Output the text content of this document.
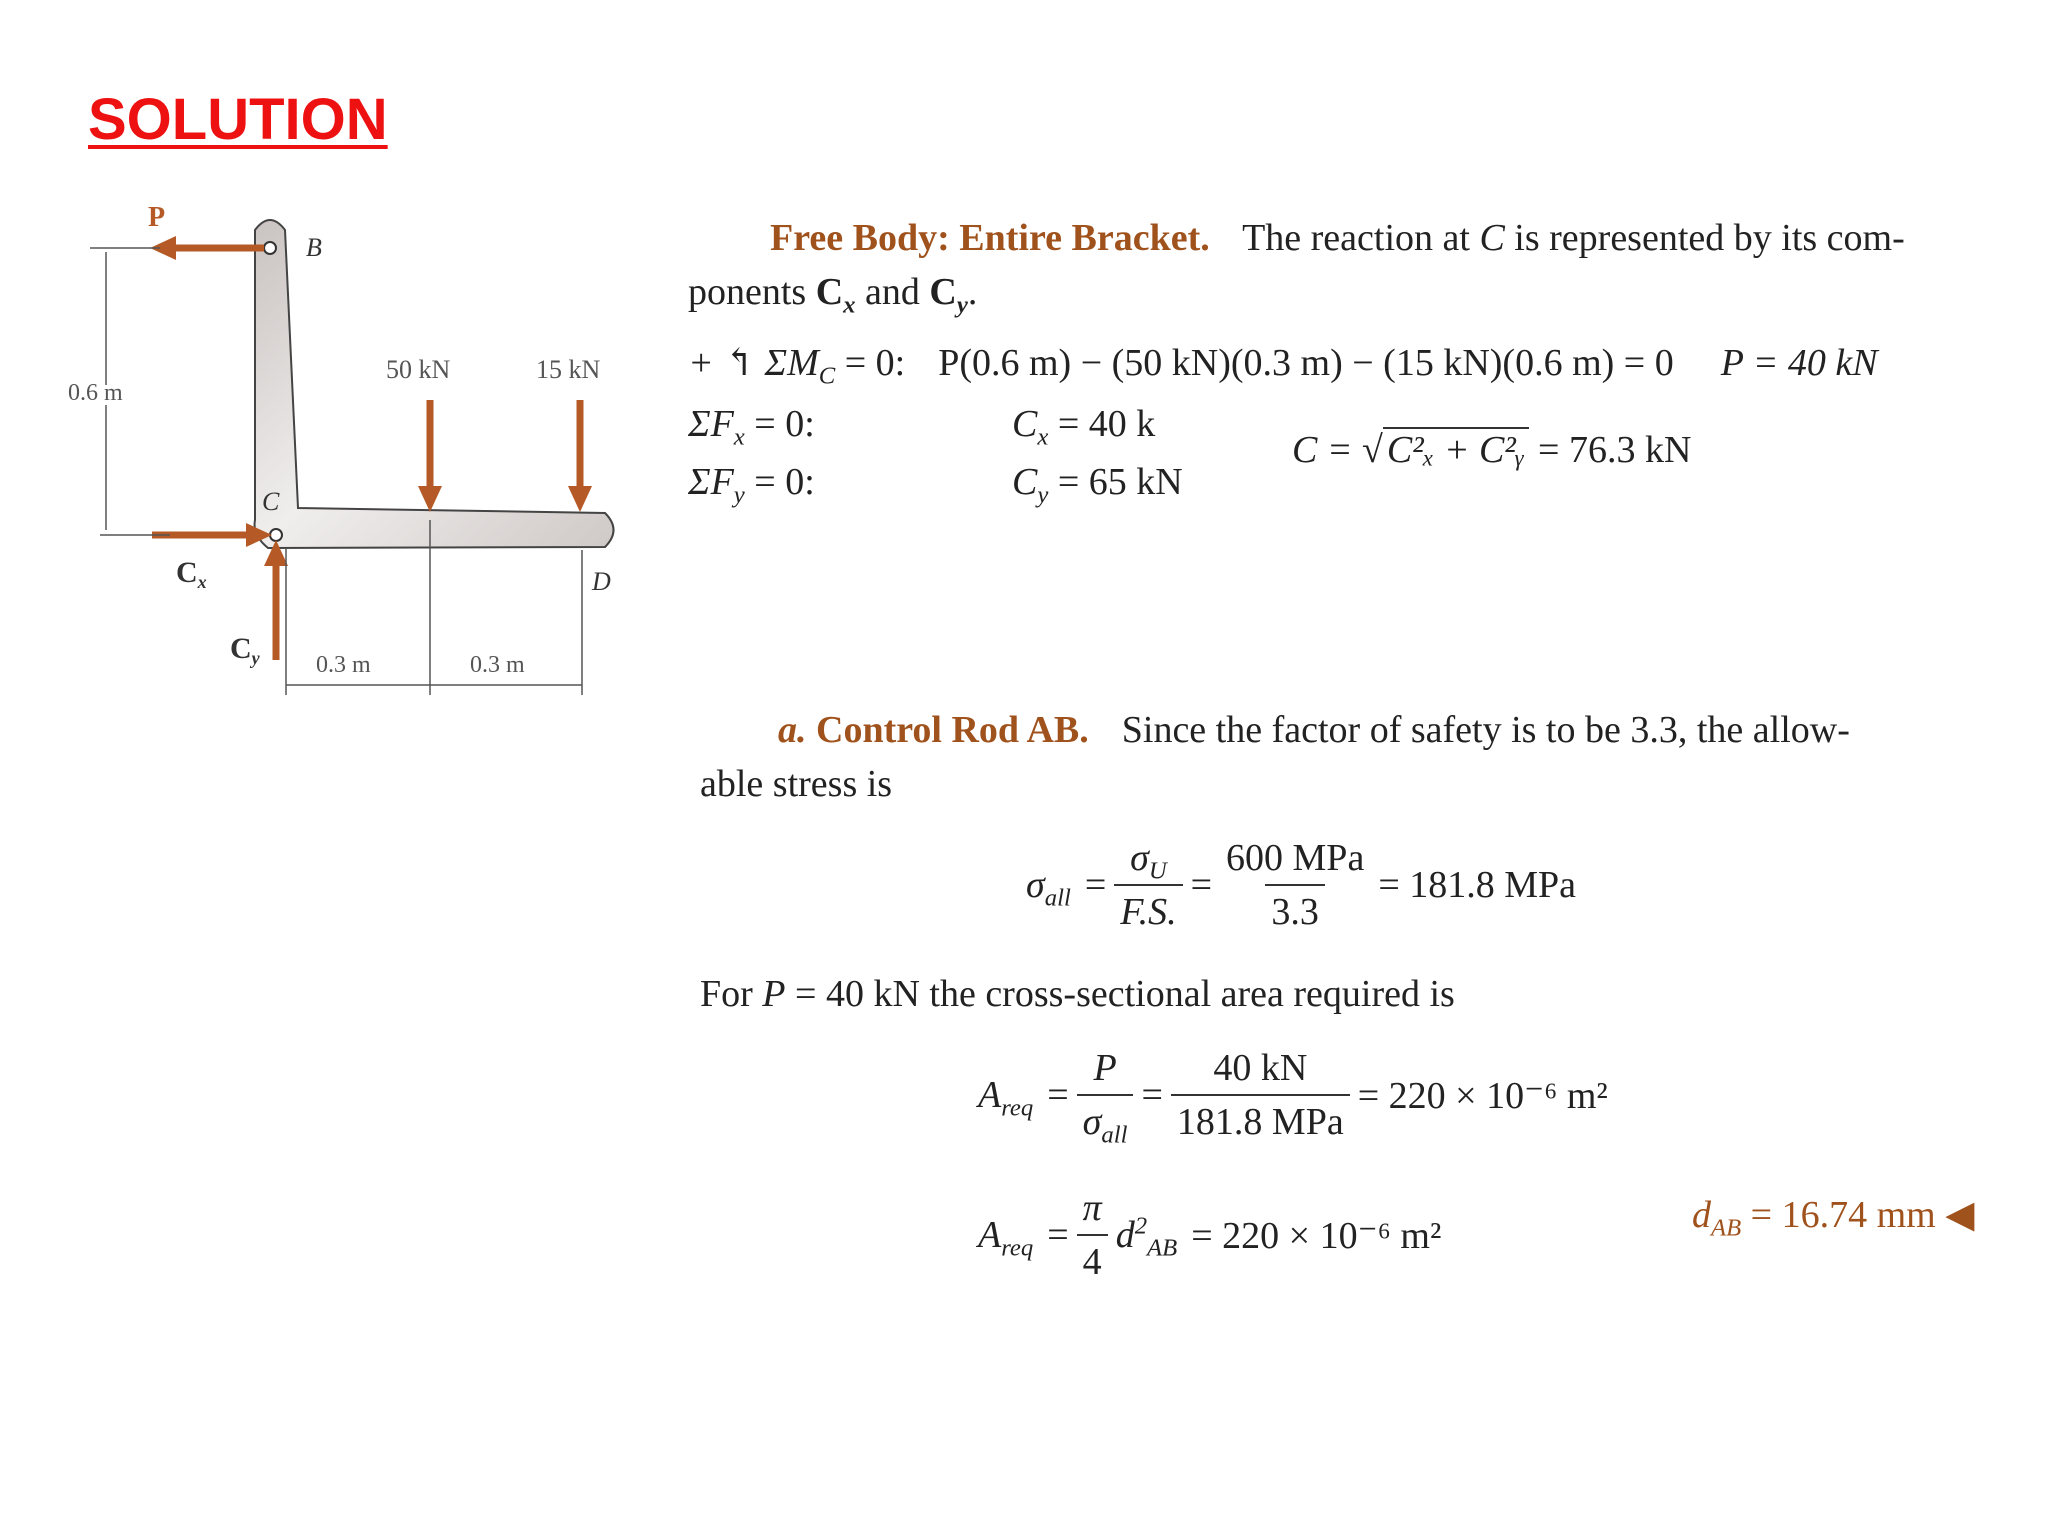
SOLUTION
P
B
C
$C_x$
$C_y$
50 kN	15 kN
D
0.6 m
0.3 m	0.3 m
Free Body: Entire Bracket. The reaction at C is represented by its com-
ponents $C_x$ and $C_y$.
+ ↰ $\Sigma M_C = 0$: P(0.6 m) − (50 kN)(0.3 m) − (15 kN)(0.6 m) = 0 P = 40 kN
$\Sigma F_x = 0$:	$C_x = 40$ k
$\Sigma F_y = 0$:	$C_y = 65$ kN
C = √ C²ₓ + C²ᵧ = 76.3 kN
a. Control Rod AB. Since the factor of safety is to be 3.3, the allow-
able stress is
$\sigma_{all} = \frac{\sigma_U}{F.S.} = \frac{\text{600 MPa}}{3.3} = 181.8$ MPa
For P = 40 kN the cross-sectional area required is
$A_{req} = \frac{P}{\sigma_{all}} = \frac{40 kN}{\text{181.8 MPa}} = 220 \times 10^{-6}$ m²
$A_{req} = \frac{\pi}{4} d^2_{AB} = 220 \times 10^{-6}$ m²	$d_{AB} = 16.74$ mm ◀
